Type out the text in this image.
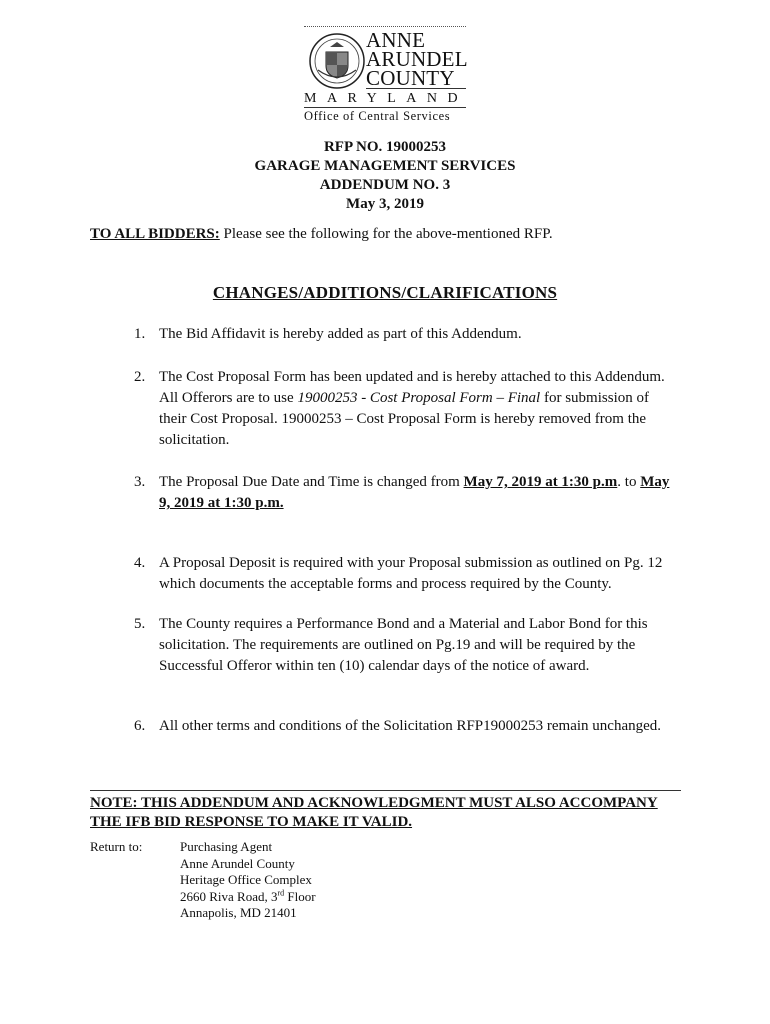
ANNE
ARUNDEL
COUNTY
MARYLAND
Office of Central Services
RFP NO. 19000253
GARAGE MANAGEMENT SERVICES
ADDENDUM NO. 3
May 3, 2019
TO ALL BIDDERS: Please see the following for the above-mentioned RFP.
CHANGES/ADDITIONS/CLARIFICATIONS
1. The Bid Affidavit is hereby added as part of this Addendum.
2. The Cost Proposal Form has been updated and is hereby attached to this Addendum. All Offerors are to use 19000253 - Cost Proposal Form – Final for submission of their Cost Proposal. 19000253 – Cost Proposal Form is hereby removed from the solicitation.
3. The Proposal Due Date and Time is changed from May 7, 2019 at 1:30 p.m. to May 9, 2019 at 1:30 p.m.
4. A Proposal Deposit is required with your Proposal submission as outlined on Pg. 12 which documents the acceptable forms and process required by the County.
5. The County requires a Performance Bond and a Material and Labor Bond for this solicitation. The requirements are outlined on Pg.19 and will be required by the Successful Offeror within ten (10) calendar days of the notice of award.
6. All other terms and conditions of the Solicitation RFP19000253 remain unchanged.
NOTE: THIS ADDENDUM AND ACKNOWLEDGMENT MUST ALSO ACCOMPANY
THE IFB BID RESPONSE TO MAKE IT VALID.
Return to:	Purchasing Agent
Anne Arundel County
Heritage Office Complex
2660 Riva Road, 3rd Floor
Annapolis, MD 21401
